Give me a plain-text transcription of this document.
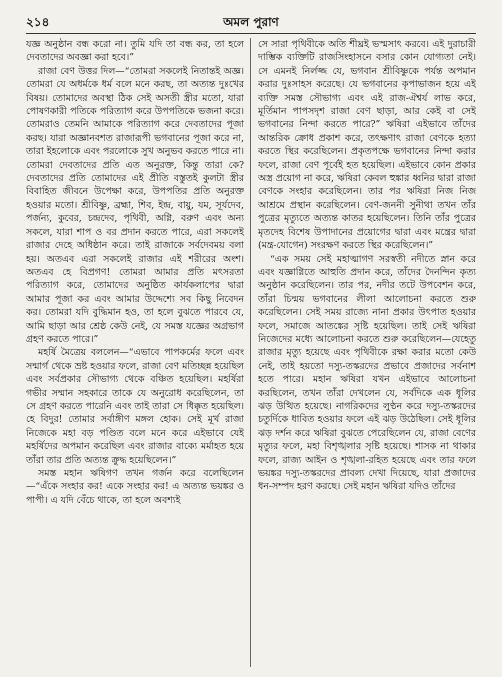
২১৪	অমল পুরাণ

যজ্ঞ অনুষ্ঠান বন্ধ করো না। তুমি যদি তা বন্ধ কর, তা হলে দেবতাদের অবজ্ঞা করা হবে।”

রাজা বেণ উত্তর দিল—“তোমরা সকলেই নিতান্তই অজ্ঞ। তোমরা যে অধর্মকে ধর্ম বলে মনে করছ, তা অত্যন্ত দুঃখের বিষয়। তোমাদের অবস্থা ঠিক সেই অসতী স্ত্রীর মতো, যারা পোষণকারী পতিকে পরিত্যাগ করে উপপতিকে ভজনা করে। তোমরাও তেমনি আমাকে পরিত্যাগ করে দেবতাদের পূজা করছ। যারা অজ্ঞানবশত রাজারূপী ভগবানের পূজা করে না, তারা ইহলোকে এবং পরলোকে সুখ অনুভব করতে পারে না। তোমরা দেবতাদের প্রতি এত অনুরক্ত, কিন্তু তারা কে? দেবতাদের প্রতি তোমাদের এই প্রীতি বস্তুতই কুলটা স্ত্রীর বিবাহিত জীবনে উপেক্ষা করে, উপপতির প্রতি অনুরক্ত হওয়ার মতো। শ্রীবিষ্ণু, ব্রহ্মা, শিব, ইন্দ্র, বায়ু, যম, সূর্যদেব, পর্জন্য, কুবের, চন্দ্রদেব, পৃথিবী, অগ্নি, বরুণ এবং অন্য সকলে, যারা শাপ ও বর প্রদান করতে পারে, এরা সকলেই রাজার দেহে অধিষ্ঠান করে। তাই রাজাকে সর্বদেবময় বলা হয়। অতএব এরা সকলেই রাজার এই শরীরের অংশ। অতএব হে বিপ্রগণ! তোমরা আমার প্রতি মৎসরতা পরিত্যাগ করে, তোমাদের অনুষ্ঠিত কার্যকলাপের দ্বারা আমার পূজা কর এবং আমার উদ্দেশ্যে সব কিছু নিবেদন কর। তোমরা যদি বুদ্ধিমান হও, তা হলে বুঝতে পারবে যে, আমি ছাড়া আর শ্রেষ্ঠ কেউ নেই, যে সমস্ত যজ্ঞের অগ্রভাগ গ্রহণ করতে পারে।”

মহর্ষি মৈত্রেয় বললেন—“এভাবে পাপকর্মের ফলে এবং সন্মার্গ থেকে ভ্রষ্ট হওয়ার ফলে, রাজা বেণ মতিচ্ছন্ন হয়েছিল এবং সর্বপ্রকার সৌভাগ্য থেকে বঞ্চিত হয়েছিল। মহর্ষিরা গভীর সম্মান সহকারে তাকে যে অনুরোধ করেছিলেন, তা সে গ্রহণ করতে পারেনি এবং তাই তারা সে ধিক্কৃত হয়েছিল। হে বিদুর! তোমার সর্বাঙ্গীণ মঙ্গল হোক। সেই মূর্খ রাজা নিজেকে মহা বড় পণ্ডিত বলে মনে করে এইভাবে যেই মহর্ষিদের অপমান করেছিল এবং রাজার বাক্যে মর্মাহত হয়ে তাঁরা তার প্রতি অত্যন্ত ক্রুদ্ধ হয়েছিলেন।”

সমস্ত মহান ঋষিগণ তখন গর্জন করে বলেছিলেন—“এঁকে সংহার কর! একে সংহার কর! এ অত্যন্ত ভয়ঙ্কর ও পাপী। এ যদি বেঁচে থাকে, তা হলে অবশ্যই

সে সারা পৃথিবীকে অতি শীঘ্রই ভস্মসাৎ করবে। এই দুরাচারী দাম্ভিক ব্যক্তিটি রাজসিংহাসনে বসার কোন যোগ্যতা নেই। সে এমনই নির্লজ্জ যে, ভগবান শ্রীবিষ্ণুকে পর্যন্ত অপমান করার দুঃসাহস করেছে। যে ভগবানের কৃপাভাজন হয়ে এই ব্যক্তি সমস্ত সৌভাগ্য এবং এই রাজ-ঐশ্বর্য লাভ করে, মূর্তিমান পাপসদৃশ রাজা বেণ ছাড়া, আর কেই বা সেই ভগবানের নিন্দা করতে পারে?” ঋষিরা এইভাবে তাঁদের আন্তরিক ক্রোধ প্রকাশ করে, তৎক্ষণাৎ রাজা বেণকে হত্যা করতে স্থির করেছিলেন। প্রকৃতপক্ষে ভগবানের নিন্দা করার ফলে, রাজা বেণ পূর্বেই হত হয়েছিল। এইভাবে কোন প্রকার অস্ত্র প্রয়োগ না করে, ঋষিরা কেবল হুঙ্কার ধ্বনির দ্বারা রাজা বেণকে সংহার করেছিলেন। তার পর ঋষিরা নিজ নিজ আশ্রমে প্রস্থান করেছিলেন। বেণ-জননী সুনীথা তখন তাঁর পুত্রের মৃত্যুতে অত্যন্ত কাতর হয়েছিলেন। তিনি তাঁর পুত্রের মৃতদেহ বিশেষ উপাদানের প্রয়োগের দ্বারা এবং মন্ত্রের দ্বারা (মন্ত্র-যোগেন) সংরক্ষণ করতে স্থির করেছিলেন।”

“এক সময় সেই মহাত্মাগণ সরস্বতী নদীতে স্নান করে এবং যজ্ঞাগ্নিতে আহুতি প্রদান করে, তাঁদের দৈনন্দিন কৃত্য অনুষ্ঠান করেছিলেন। তার পর, নদীর তটে উপবেশন করে, তাঁরা চিন্ময় ভগবানের লীলা আলোচনা করতে শুরু করেছিলেন। সেই সময় রাজ্যে নানা প্রকার উৎপাত হওয়ার ফলে, সমাজে আতঙ্কের সৃষ্টি হয়েছিল। তাই সেই ঋষিরা নিজেদের মধ্যে আলোচনা করতে শুরু করেছিলেন—যেহেতু রাজার মৃত্যু হয়েছে এবং পৃথিবীকে রক্ষা করার মতো কেউ নেই, তাই হয়তো দস্যু-তস্করদের প্রভাবে প্রজাদের সর্বনাশ হতে পারে। মহান ঋষিরা যখন এইভাবে আলোচনা করছিলেন, তখন তাঁরা দেখলেন যে, সর্বদিকে এক ধূলির ঝড় উত্থিত হয়েছে। নাগরিকদের লুণ্ঠন করে দস্যু-তস্করদের চতুর্দিকে ধাবিত হওয়ার ফলে এই ঝড় উঠেছিল। সেই ধূলির ঝড় দর্শন করে ঋষিরা বুঝতে পেরেছিলেন যে, রাজা বেণের মৃত্যুর ফলে, মহা বিশৃঙ্খলার সৃষ্টি হয়েছে। শাসক না থাকার ফলে, রাজ্য আইন ও শৃঙ্খলা-রহিত হয়েছে এবং তার ফলে ভয়ঙ্কর দস্যু-তস্করদের প্রাবল্য দেখা দিয়েছে, যারা প্রজাদের ধন-সম্পদ হরণ করছে। সেই মহান ঋষিরা যদিও তাঁদের
